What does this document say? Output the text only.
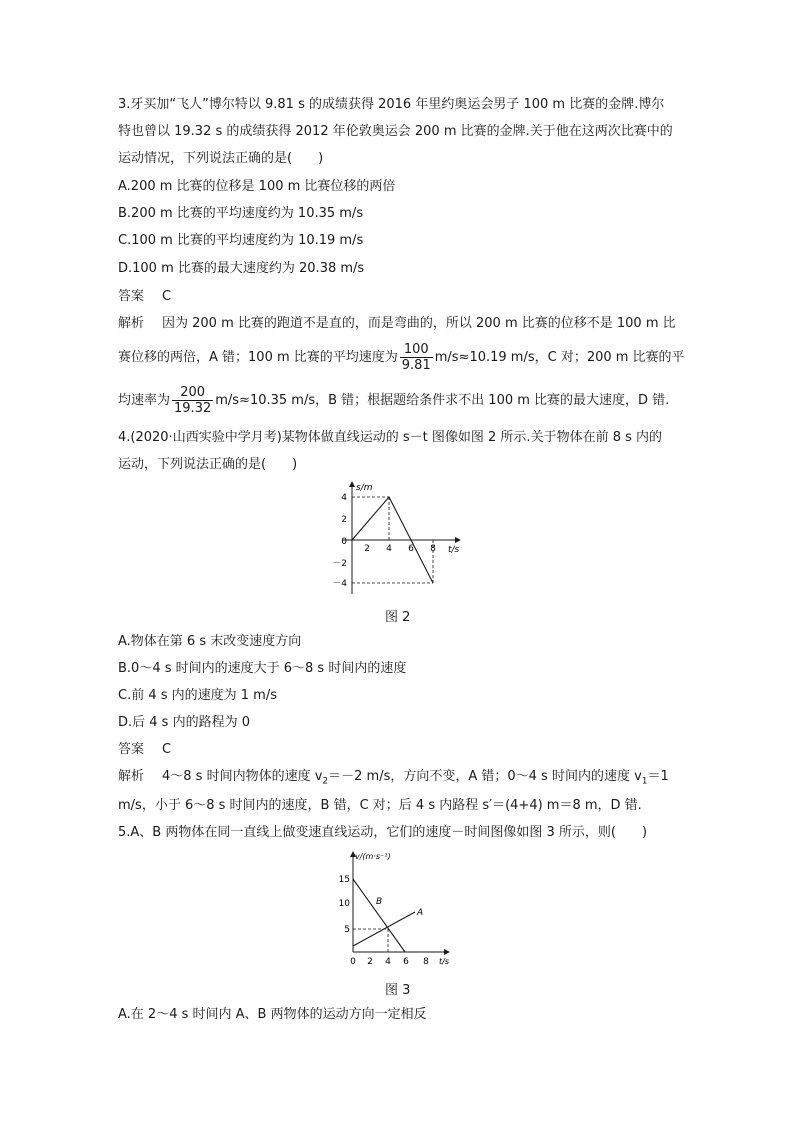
3.牙买加“飞人”博尔特以 9.81 s 的成绩获得 2016 年里约奥运会男子 100 m 比赛的金牌.博尔
特也曾以 19.32 s 的成绩获得 2012 年伦敦奥运会 200 m 比赛的金牌.关于他在这两次比赛中的
运动情况，下列说法正确的是(　　)
A.200 m 比赛的位移是 100 m 比赛位移的两倍
B.200 m 比赛的平均速度约为 10.35 m/s
C.100 m 比赛的平均速度约为 10.19 m/s
D.100 m 比赛的最大速度约为 20.38 m/s
答案 C
解析 因为 200 m 比赛的跑道不是直的，而是弯曲的，所以 200 m 比赛的位移不是 100 m 比
赛位移的两倍，A 错；100 m 比赛的平均速度为 $\frac{100}{9.81} m/s\approx 10.19$ m/s，C 对；200 m 比赛的平
均速率为 $\frac{200}{19.32} m/s\approx 10.35$ m/s，B 错；根据题给条件求不出 100 m 比赛的最大速度，D 错.
4.(2020·山西实验中学月考)某物体做直线运动的 s－t 图像如图 2 所示.关于物体在前 8 s 内的
运动，下列说法正确的是(　　)
s/m
t/s
2 4 6 8
4
2
0
－2
－4
图 2
A.物体在第 6 s 末改变速度方向
B.0～4 s 时间内的速度大于 6～8 s 时间内的速度
C.前 4 s 内的速度为 1 m/s
D.后 4 s 内的路程为 0
答案 C
解析 4～8 s 时间内物体的速度 $v_2=-2$ m/s，方向不变，A 错；0～4 s 时间内的速度 $v_1=1$
m/s，小于 6～8 s 时间内的速度，B 错，C 对；后 4 s 内路程 s′＝(4+4) m＝8 m，D 错.
5.A、B 两物体在同一直线上做变速直线运动，它们的速度－时间图像如图 3 所示，则(　　)
v/(m·s⁻¹)
t/s
B
A
0 2 4 6 8
15
10
5
图 3
A.在 2～4 s 时间内 A、B 两物体的运动方向一定相反
